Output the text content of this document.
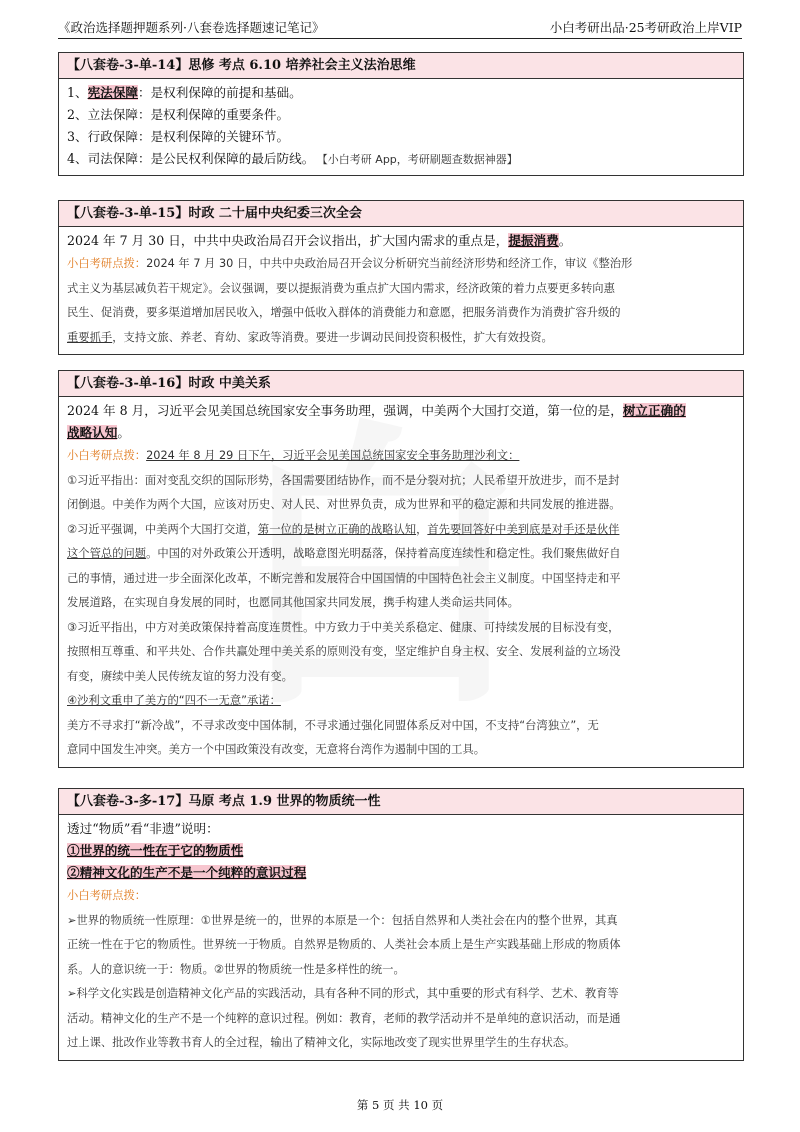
《政治选择题押题系列·八套卷选择题速记笔记》	小白考研出品·25考研政治上岸VIP
【八套卷-3-单-14】思修 考点 6.10 培养社会主义法治思维
1、宪法保障：是权利保障的前提和基础。
2、立法保障：是权利保障的重要条件。
3、行政保障：是权利保障的关键环节。
4、司法保障：是公民权利保障的最后防线。 【小白考研 App，考研刷题查数据神器】
【八套卷-3-单-15】时政 二十届中央纪委三次全会
2024 年 7 月 30 日，中共中央政治局召开会议指出，扩大国内需求的重点是，提振消费。
小白考研点拨：2024 年 7 月 30 日，中共中央政治局召开会议分析研究当前经济形势和经济工作，审议《整治形
式主义为基层减负若干规定》。会议强调，要以提振消费为重点扩大国内需求，经济政策的着力点要更多转向惠
民生、促消费，要多渠道增加居民收入，增强中低收入群体的消费能力和意愿，把服务消费作为消费扩容升级的
重要抓手，支持文旅、养老、育幼、家政等消费。要进一步调动民间投资积极性，扩大有效投资。
【八套卷-3-单-16】时政 中美关系
2024 年 8 月，习近平会见美国总统国家安全事务助理，强调，中美两个大国打交道，第一位的是，树立正确的
战略认知。
小白考研点拨：2024 年 8 月 29 日下午，习近平会见美国总统国家安全事务助理沙利文：
①习近平指出：面对变乱交织的国际形势，各国需要团结协作，而不是分裂对抗；人民希望开放进步，而不是封
闭倒退。中美作为两个大国，应该对历史、对人民、对世界负责，成为世界和平的稳定源和共同发展的推进器。
②习近平强调，中美两个大国打交道，第一位的是树立正确的战略认知，首先要回答好中美到底是对手还是伙伴
这个管总的问题。中国的对外政策公开透明，战略意图光明磊落，保持着高度连续性和稳定性。我们聚焦做好自
己的事情，通过进一步全面深化改革，不断完善和发展符合中国国情的中国特色社会主义制度。中国坚持走和平
发展道路，在实现自身发展的同时，也愿同其他国家共同发展，携手构建人类命运共同体。
③习近平指出，中方对美政策保持着高度连贯性。中方致力于中美关系稳定、健康、可持续发展的目标没有变，
按照相互尊重、和平共处、合作共赢处理中美关系的原则没有变，坚定维护自身主权、安全、发展利益的立场没
有变，赓续中美人民传统友谊的努力没有变。
④沙利文重申了美方的“四不一无意”承诺：
美方不寻求打“新冷战”，不寻求改变中国体制，不寻求通过强化同盟体系反对中国，不支持“台湾独立”，无
意同中国发生冲突。美方一个中国政策没有改变，无意将台湾作为遏制中国的工具。
【八套卷-3-多-17】马原 考点 1.9 世界的物质统一性
透过“物质”看“非遗”说明：
①世界的统一性在于它的物质性
②精神文化的生产不是一个纯粹的意识过程
小白考研点拨：
➢世界的物质统一性原理：①世界是统一的，世界的本原是一个：包括自然界和人类社会在内的整个世界，其真
正统一性在于它的物质性。世界统一于物质。自然界是物质的、人类社会本质上是生产实践基础上形成的物质体
系。人的意识统一于：物质。②世界的物质统一性是多样性的统一。
➢科学文化实践是创造精神文化产品的实践活动，具有各种不同的形式，其中重要的形式有科学、艺术、教育等
活动。精神文化的生产不是一个纯粹的意识过程。例如：教育，老师的教学活动并不是单纯的意识活动，而是通
过上课、批改作业等教书育人的全过程，输出了精神文化，实际地改变了现实世界里学生的生存状态。
第 5 页 共 10 页
